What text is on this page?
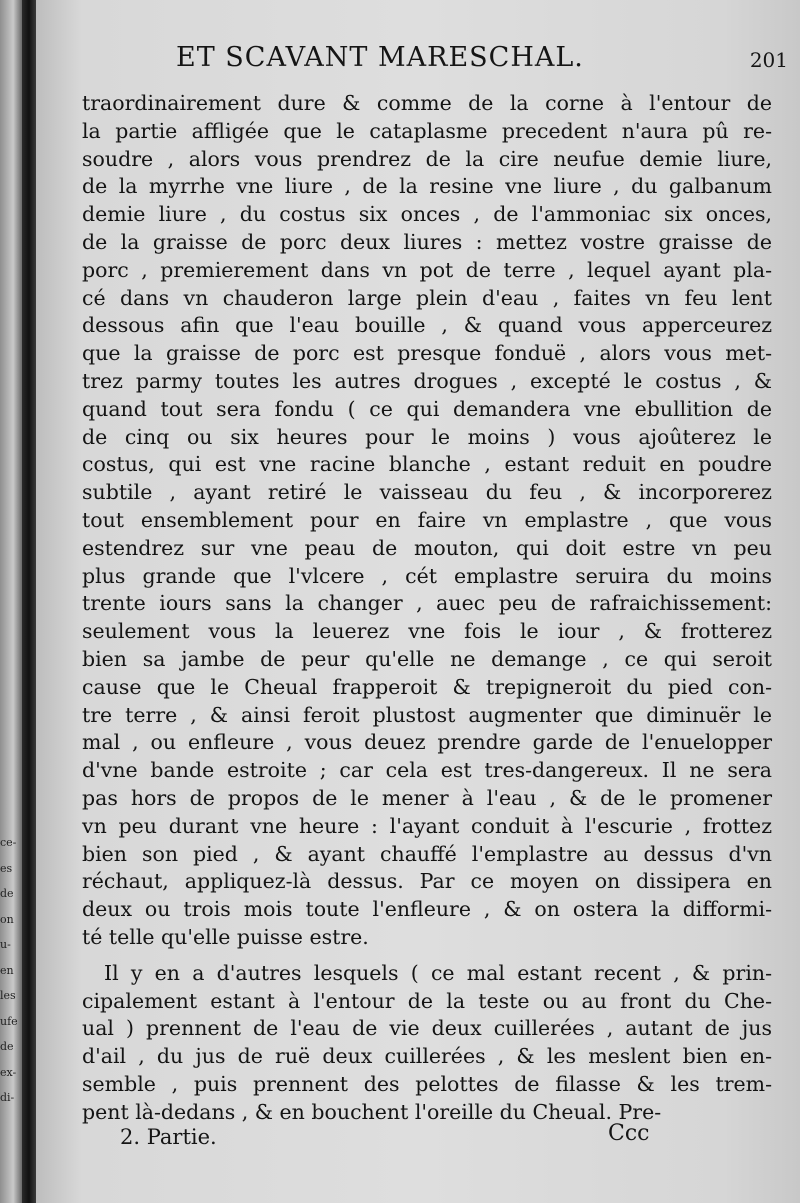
ce-
es
de
on
u-
en
les
ufe
de
ex-
di-
ET SCAVANT MARESCHAL.	201
traordinairement dure & comme de la corne à l'entour de
la partie affligée que le cataplasme precedent n'aura pû re-
soudre , alors vous prendrez de la cire neufue demie liure,
de la myrrhe vne liure , de la resine vne liure , du galbanum
demie liure , du costus six onces , de l'ammoniac six onces,
de la graisse de porc deux liures : mettez vostre graisse de
porc , premierement dans vn pot de terre , lequel ayant pla-
cé dans vn chauderon large plein d'eau , faites vn feu lent
dessous afin que l'eau bouille , & quand vous apperceurez
que la graisse de porc est presque fonduë , alors vous met-
trez parmy toutes les autres drogues , excepté le costus , &
quand tout sera fondu ( ce qui demandera vne ebullition de
de cinq ou six heures pour le moins ) vous ajoûterez le
costus, qui est vne racine blanche , estant reduit en poudre
subtile , ayant retiré le vaisseau du feu , & incorporerez
tout ensemblement pour en faire vn emplastre , que vous
estendrez sur vne peau de mouton, qui doit estre vn peu
plus grande que l'vlcere , cét emplastre seruira du moins
trente iours sans la changer , auec peu de rafraichissement:
seulement vous la leuerez vne fois le iour , & frotterez
bien sa jambe de peur qu'elle ne demange , ce qui seroit
cause que le Cheual frapperoit & trepigneroit du pied con-
tre terre , & ainsi feroit plustost augmenter que diminuër le
mal , ou enfleure , vous deuez prendre garde de l'enuelopper
d'vne bande estroite ; car cela est tres-dangereux. Il ne sera
pas hors de propos de le mener à l'eau , & de le promener
vn peu durant vne heure : l'ayant conduit à l'escurie , frottez
bien son pied , & ayant chauffé l'emplastre au dessus d'vn
réchaut, appliquez-là dessus. Par ce moyen on dissipera en
deux ou trois mois toute l'enfleure , & on ostera la difformi-
té telle qu'elle puisse estre.
Il y en a d'autres lesquels ( ce mal estant recent , & prin-
cipalement estant à l'entour de la teste ou au front du Che-
ual ) prennent de l'eau de vie deux cuillerées , autant de jus
d'ail , du jus de ruë deux cuillerées , & les meslent bien en-
semble , puis prennent des pelottes de filasse & les trem-
pent là-dedans , & en bouchent l'oreille du Cheual. Pre-
2. Partie.	Ccc
